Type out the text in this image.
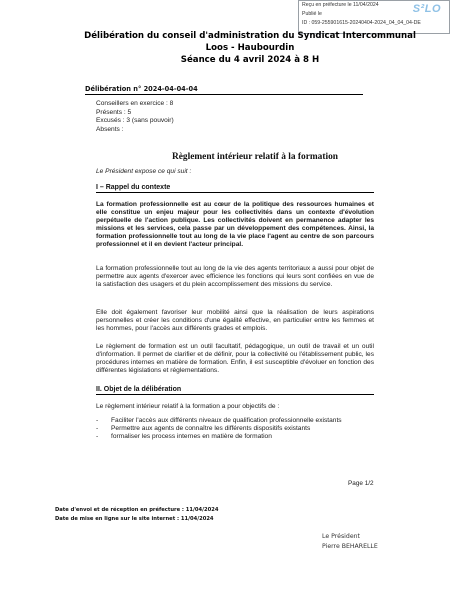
Reçu en préfecture le 11/04/2024
Publié le
ID : 059-255901615-20240404-2024_04_04_04-DE
S²LO
Délibération du conseil d'administration du Syndicat Intercommunal
Loos - Haubourdin
Séance du 4 avril 2024 à 8 H
Délibération n° 2024-04-04-04
Conseillers en exercice : 8
Présents : 5
Excusés : 3 (sans pouvoir)
Absents :
Règlement intérieur relatif à la formation
Le Président expose ce qui suit :
I – Rappel du contexte
La formation professionnelle est au cœur de la politique des ressources humaines et elle constitue un enjeu majeur pour les collectivités dans un contexte d'évolution perpétuelle de l'action publique. Les collectivités doivent en permanence adapter les missions et les services, cela passe par un développement des compétences. Ainsi, la formation professionnelle tout au long de la vie place l'agent au centre de son parcours professionnel et il en devient l'acteur principal.
La formation professionnelle tout au long de la vie des agents territoriaux a aussi pour objet de permettre aux agents d'exercer avec efficience les fonctions qui leurs sont confiées en vue de la satisfaction des usagers et du plein accomplissement des missions du service.
Elle doit également favoriser leur mobilité ainsi que la réalisation de leurs aspirations personnelles et créer les conditions d'une égalité effective, en particulier entre les femmes et les hommes, pour l'accès aux différents grades et emplois.
Le règlement de formation est un outil facultatif, pédagogique, un outil de travail et un outil d'information. Il permet de clarifier et de définir, pour la collectivité ou l'établissement public, les procédures internes en matière de formation. Enfin, il est susceptible d'évoluer en fonction des différentes législations et réglementations.
II. Objet de la délibération
Le règlement intérieur relatif à la formation a pour objectifs de :
- Faciliter l'accès aux différents niveaux de qualification professionnelle existants
- Permettre aux agents de connaître les différents dispositifs existants
- formaliser les process internes en matière de formation
Page 1/2
Date d'envoi et de réception en préfecture : 11/04/2024
Date de mise en ligne sur le site internet : 11/04/2024
Le Président
Pierre BEHARELLE
